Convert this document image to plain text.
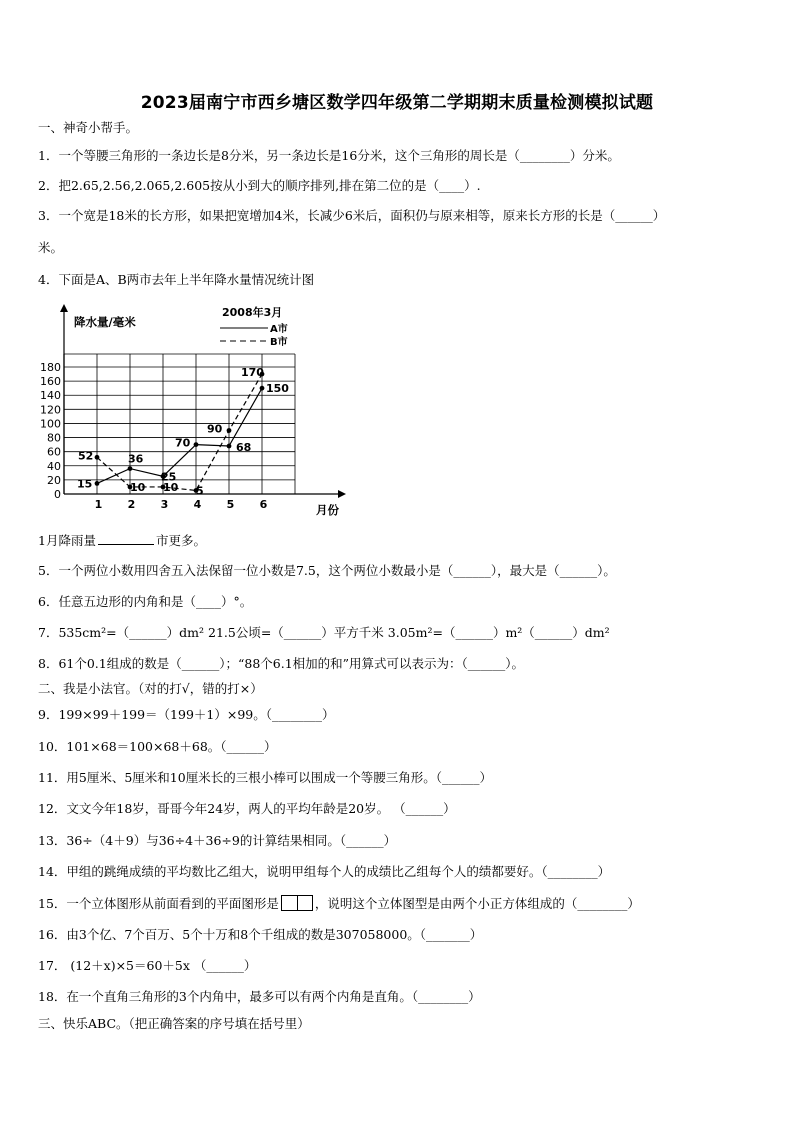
2023届南宁市西乡塘区数学四年级第二学期期末质量检测模拟试题
一、神奇小帮手。
1．一个等腰三角形的一条边长是8分米，另一条边长是16分米，这个三角形的周长是（________）分米。
2．把2.65,2.56,2.065,2.605按从小到大的顺序排列,排在第二位的是（____）.
3．一个宽是18米的长方形，如果把宽增加4米，长减少6米后，面积仍与原来相等，原来长方形的长是（______）
米。
4．下面是A、B两市去年上半年降水量情况统计图
0
20
40
60
80
100
120
140
160
180
1 2 3 4 5 6
降水量/毫米
月份
2008年3月
A市
B市
15
36
25
70	68
150
52
10 10 5
90
170
1月降雨量	市更多。
5．一个两位小数用四舍五入法保留一位小数是7.5，这个两位小数最小是（______），最大是（______）。
6．任意五边形的内角和是（____）°。
7．535cm²=（______）dm² 21.5公顷=（______）平方千米 3.05m²=（______）m²（______）dm²
8．61个0.1组成的数是（______）；“88个6.1相加的和”用算式可以表示为：（______）。
二、我是小法官。（对的打√，错的打×）
9．199×99＋199＝（199＋1）×99。（________）
10．101×68＝100×68＋68。（______）
11．用5厘米、5厘米和10厘米长的三根小棒可以围成一个等腰三角形。（______）
12．文文今年18岁，哥哥今年24岁，两人的平均年龄是20岁。 （______）
13．36÷（4＋9）与36÷4＋36÷9的计算结果相同。（______）
14．甲组的跳绳成绩的平均数比乙组大，说明甲组每个人的成绩比乙组每个人的绩都要好。（________）
15．一个立体图形从前面看到的平面图形是	，说明这个立体图型是由两个小正方体组成的（________）
16．由3个亿、7个百万、5个十万和8个千组成的数是307058000。（_______）
17． (12＋x)×5＝60＋5x （______）
18．在一个直角三角形的3个内角中，最多可以有两个内角是直角。（________）
三、快乐ABC。（把正确答案的序号填在括号里）
